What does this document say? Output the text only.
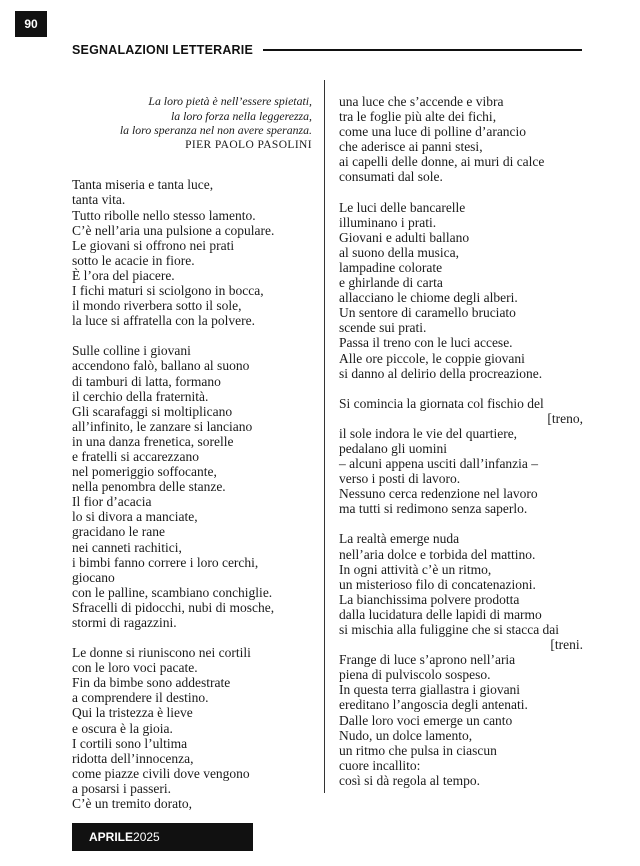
90
SEGNALAZIONI LETTERARIE
La loro pietà è nell’essere spietati,
la loro forza nella leggerezza,
la loro speranza nel non avere speranza.
PIER PAOLO PASOLINI
Tanta miseria e tanta luce,
tanta vita.
Tutto ribolle nello stesso lamento.
C’è nell’aria una pulsione a copulare.
Le giovani si offrono nei prati
sotto le acacie in fiore.
È l’ora del piacere.
I fichi maturi si sciolgono in bocca,
il mondo riverbera sotto il sole,
la luce si affratella con la polvere.
Sulle colline i giovani
accendono falò, ballano al suono
di tamburi di latta, formano
il cerchio della fraternità.
Gli scarafaggi si moltiplicano
all’infinito, le zanzare si lanciano
in una danza frenetica, sorelle
e fratelli si accarezzano
nel pomeriggio soffocante,
nella penombra delle stanze.
Il fior d’acacia
lo si divora a manciate,
gracidano le rane
nei canneti rachitici,
i bimbi fanno correre i loro cerchi,
giocano
con le palline, scambiano conchiglie.
Sfracelli di pidocchi, nubi di mosche,
stormi di ragazzini.
Le donne si riuniscono nei cortili
con le loro voci pacate.
Fin da bimbe sono addestrate
a comprendere il destino.
Qui la tristezza è lieve
e oscura è la gioia.
I cortili sono l’ultima
ridotta dell’innocenza,
come piazze civili dove vengono
a posarsi i passeri.
C’è un tremito dorato,
una luce che s’accende e vibra
tra le foglie più alte dei fichi,
come una luce di polline d’arancio
che aderisce ai panni stesi,
ai capelli delle donne, ai muri di calce
consumati dal sole.
Le luci delle bancarelle
illuminano i prati.
Giovani e adulti ballano
al suono della musica,
lampadine colorate
e ghirlande di carta
allacciano le chiome degli alberi.
Un sentore di caramello bruciato
scende sui prati.
Passa il treno con le luci accese.
Alle ore piccole, le coppie giovani
si danno al delirio della procreazione.
Si comincia la giornata col fischio del
[treno,
il sole indora le vie del quartiere,
pedalano gli uomini
– alcuni appena usciti dall’infanzia –
verso i posti di lavoro.
Nessuno cerca redenzione nel lavoro
ma tutti si redimono senza saperlo.
La realtà emerge nuda
nell’aria dolce e torbida del mattino.
In ogni attività c’è un ritmo,
un misterioso filo di concatenazioni.
La bianchissima polvere prodotta
dalla lucidatura delle lapidi di marmo
si mischia alla fuliggine che si stacca dai
[treni.
Frange di luce s’aprono nell’aria
piena di pulviscolo sospeso.
In questa terra giallastra i giovani
ereditano l’angoscia degli antenati.
Dalle loro voci emerge un canto
Nudo, un dolce lamento,
un ritmo che pulsa in ciascun
cuore incallito:
così si dà regola al tempo.
APRILE 2025
